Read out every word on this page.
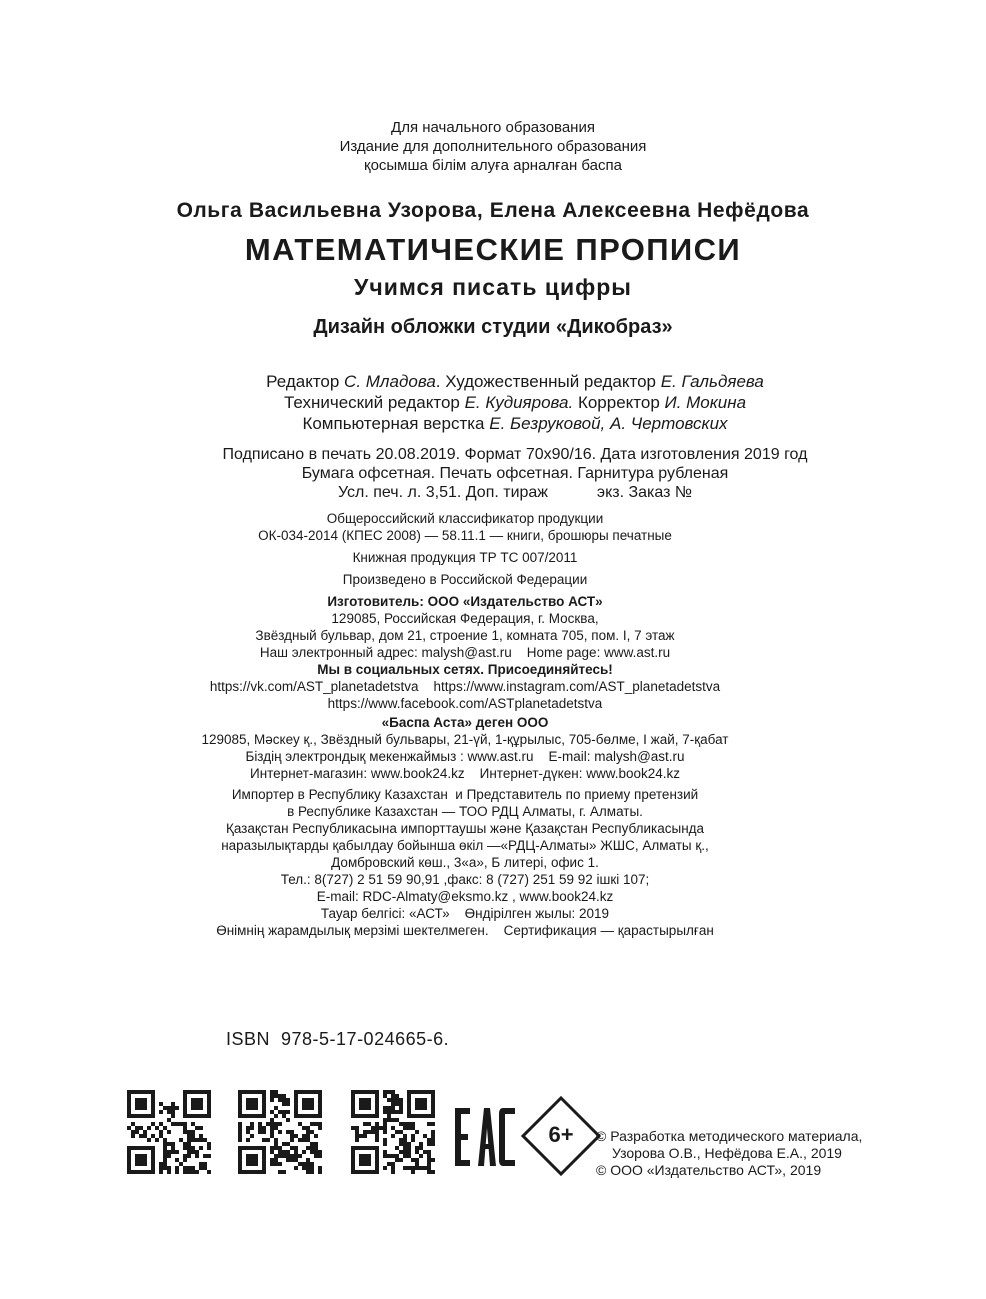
Для начального образования
Издание для дополнительного образования
қосымша білім алуға арналған баспа
Ольга Васильевна Узорова, Елена Алексеевна Нефёдова
МАТЕМАТИЧЕСКИЕ ПРОПИСИ
Учимся писать цифры
Дизайн обложки студии «Дикобраз»
Редактор С. Младова. Художественный редактор Е. Гальдяева
Технический редактор Е. Кудиярова. Корректор И. Мокина
Компьютерная верстка Е. Безруковой, А. Чертовских
Подписано в печать 20.08.2019. Формат 70х90/16. Дата изготовления 2019 год
Бумага офсетная. Печать офсетная. Гарнитура рубленая
Усл. печ. л. 3,51. Доп. тираж           экз. Заказ №
Общероссийский классификатор продукции
ОК-034-2014 (КПЕС 2008) — 58.11.1 — книги, брошюры печатные
Книжная продукция ТР ТС 007/2011
Произведено в Российской Федерации
Изготовитель: ООО «Издательство АСТ»
129085, Российская Федерация, г. Москва,
Звёздный бульвар, дом 21, строение 1, комната 705, пом. I, 7 этаж
Наш электронный адрес: malysh@ast.ru    Home page: www.ast.ru
Мы в социальных сетях. Присоединяйтесь!
https://vk.com/AST_planetadetstva    https://www.instagram.com/AST_planetadetstva
https://www.facebook.com/ASTplanetadetstva
«Баспа Аста» деген ООО
129085, Мәскеу қ., Звёздный бульвары, 21-үй, 1-құрылыс, 705-бөлме, I жай, 7-қабат
Біздің электрондық мекенжаймыз : www.ast.ru    E-mail: malysh@ast.ru
Интернет-магазин: www.book24.kz    Интернет-дүкен: www.book24.kz
Импортер в Республику Казахстан  и Представитель по приему претензий
в Республике Казахстан — ТОО РДЦ Алматы, г. Алматы.
Қазақстан Республикасына импорттаушы және Қазақстан Республикасында
наразылықтарды қабылдау бойынша өкіл —«РДЦ-Алматы» ЖШС, Алматы қ.,
Домбровский көш., 3«а», Б литері, офис 1.
Тел.: 8(727) 2 51 59 90,91 ,факс: 8 (727) 251 59 92 ішкі 107;
E-mail: RDC-Almaty@eksmo.kz , www.book24.kz
Тауар белгісі: «АСТ»    Өндірілген жылы: 2019
Өнімнің жарамдылық мерзімі шектелмеген.    Сертификация — қарастырылған
ISBN  978-5-17-024665-6.
6+	© Разработка методического материала,
Узорова О.В., Нефёдова Е.А., 2019
© ООО «Издательство АСТ», 2019
